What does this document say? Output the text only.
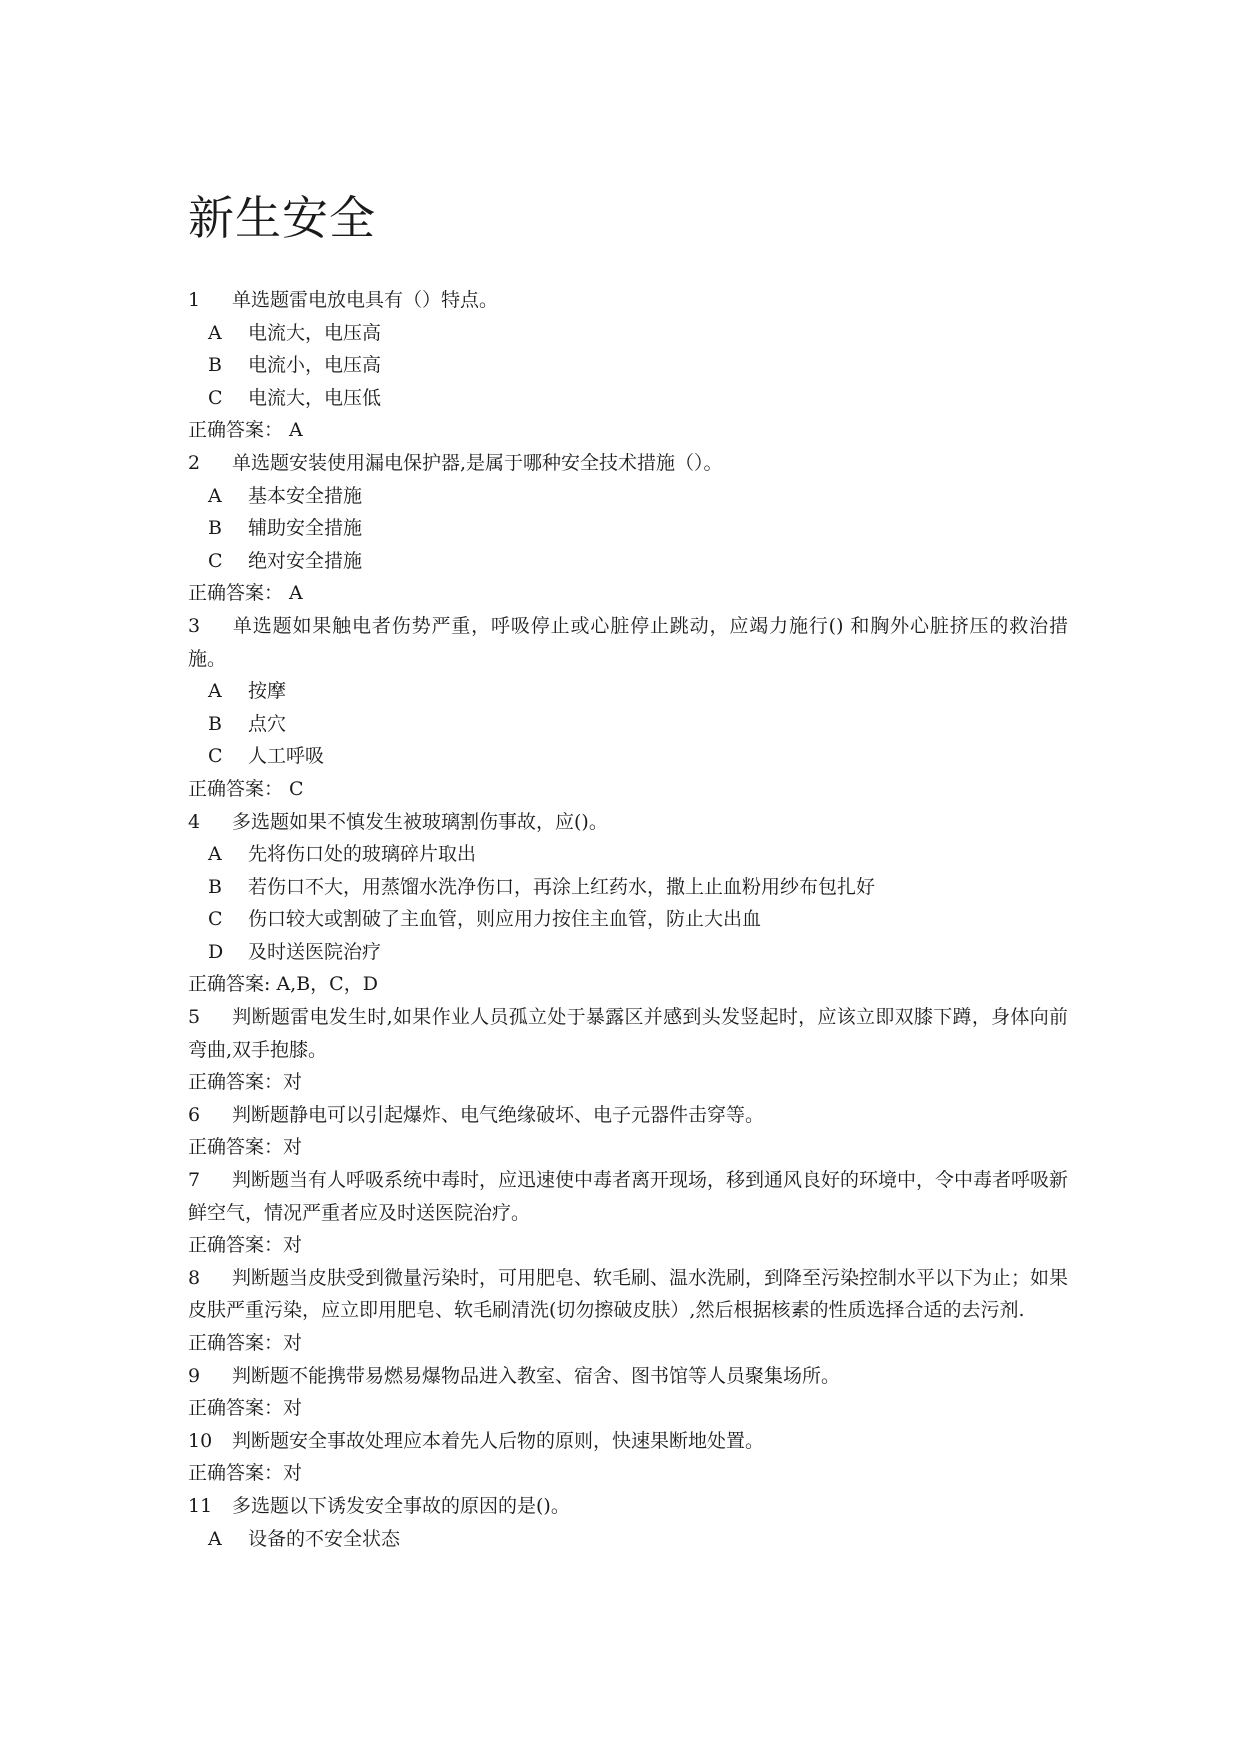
新生安全
1 单选题雷电放电具有（）特点。
A 电流大，电压高
B 电流小，电压高
C 电流大，电压低
正确答案： A
2 单选题安装使用漏电保护器,是属于哪种安全技术措施（）。
A 基本安全措施
B 辅助安全措施
C 绝对安全措施
正确答案： A
3 单选题如果触电者伤势严重，呼吸停止或心脏停止跳动，应竭力施行() 和胸外心脏挤压的救治措施。
A 按摩
B 点穴
C 人工呼吸
正确答案： C
4 多选题如果不慎发生被玻璃割伤事故，应()。
A 先将伤口处的玻璃碎片取出
B 若伤口不大，用蒸馏水洗净伤口，再涂上红药水，撒上止血粉用纱布包扎好
C 伤口较大或割破了主血管，则应用力按住主血管，防止大出血
D 及时送医院治疗
正确答案: A,B，C，D
5 判断题雷电发生时,如果作业人员孤立处于暴露区并感到头发竖起时，应该立即双膝下蹲，身体向前弯曲,双手抱膝。
正确答案：对
6 判断题静电可以引起爆炸、电气绝缘破坏、电子元器件击穿等。
正确答案：对
7 判断题当有人呼吸系统中毒时，应迅速使中毒者离开现场，移到通风良好的环境中，令中毒者呼吸新鲜空气，情况严重者应及时送医院治疗。
正确答案：对
8 判断题当皮肤受到微量污染时，可用肥皂、软毛刷、温水洗刷，到降至污染控制水平以下为止；如果皮肤严重污染，应立即用肥皂、软毛刷清洗(切勿擦破皮肤）,然后根据核素的性质选择合适的去污剂.
正确答案：对
9 判断题不能携带易燃易爆物品进入教室、宿舍、图书馆等人员聚集场所。
正确答案：对
10 判断题安全事故处理应本着先人后物的原则，快速果断地处置。
正确答案：对
11 多选题以下诱发安全事故的原因的是()。
A 设备的不安全状态
